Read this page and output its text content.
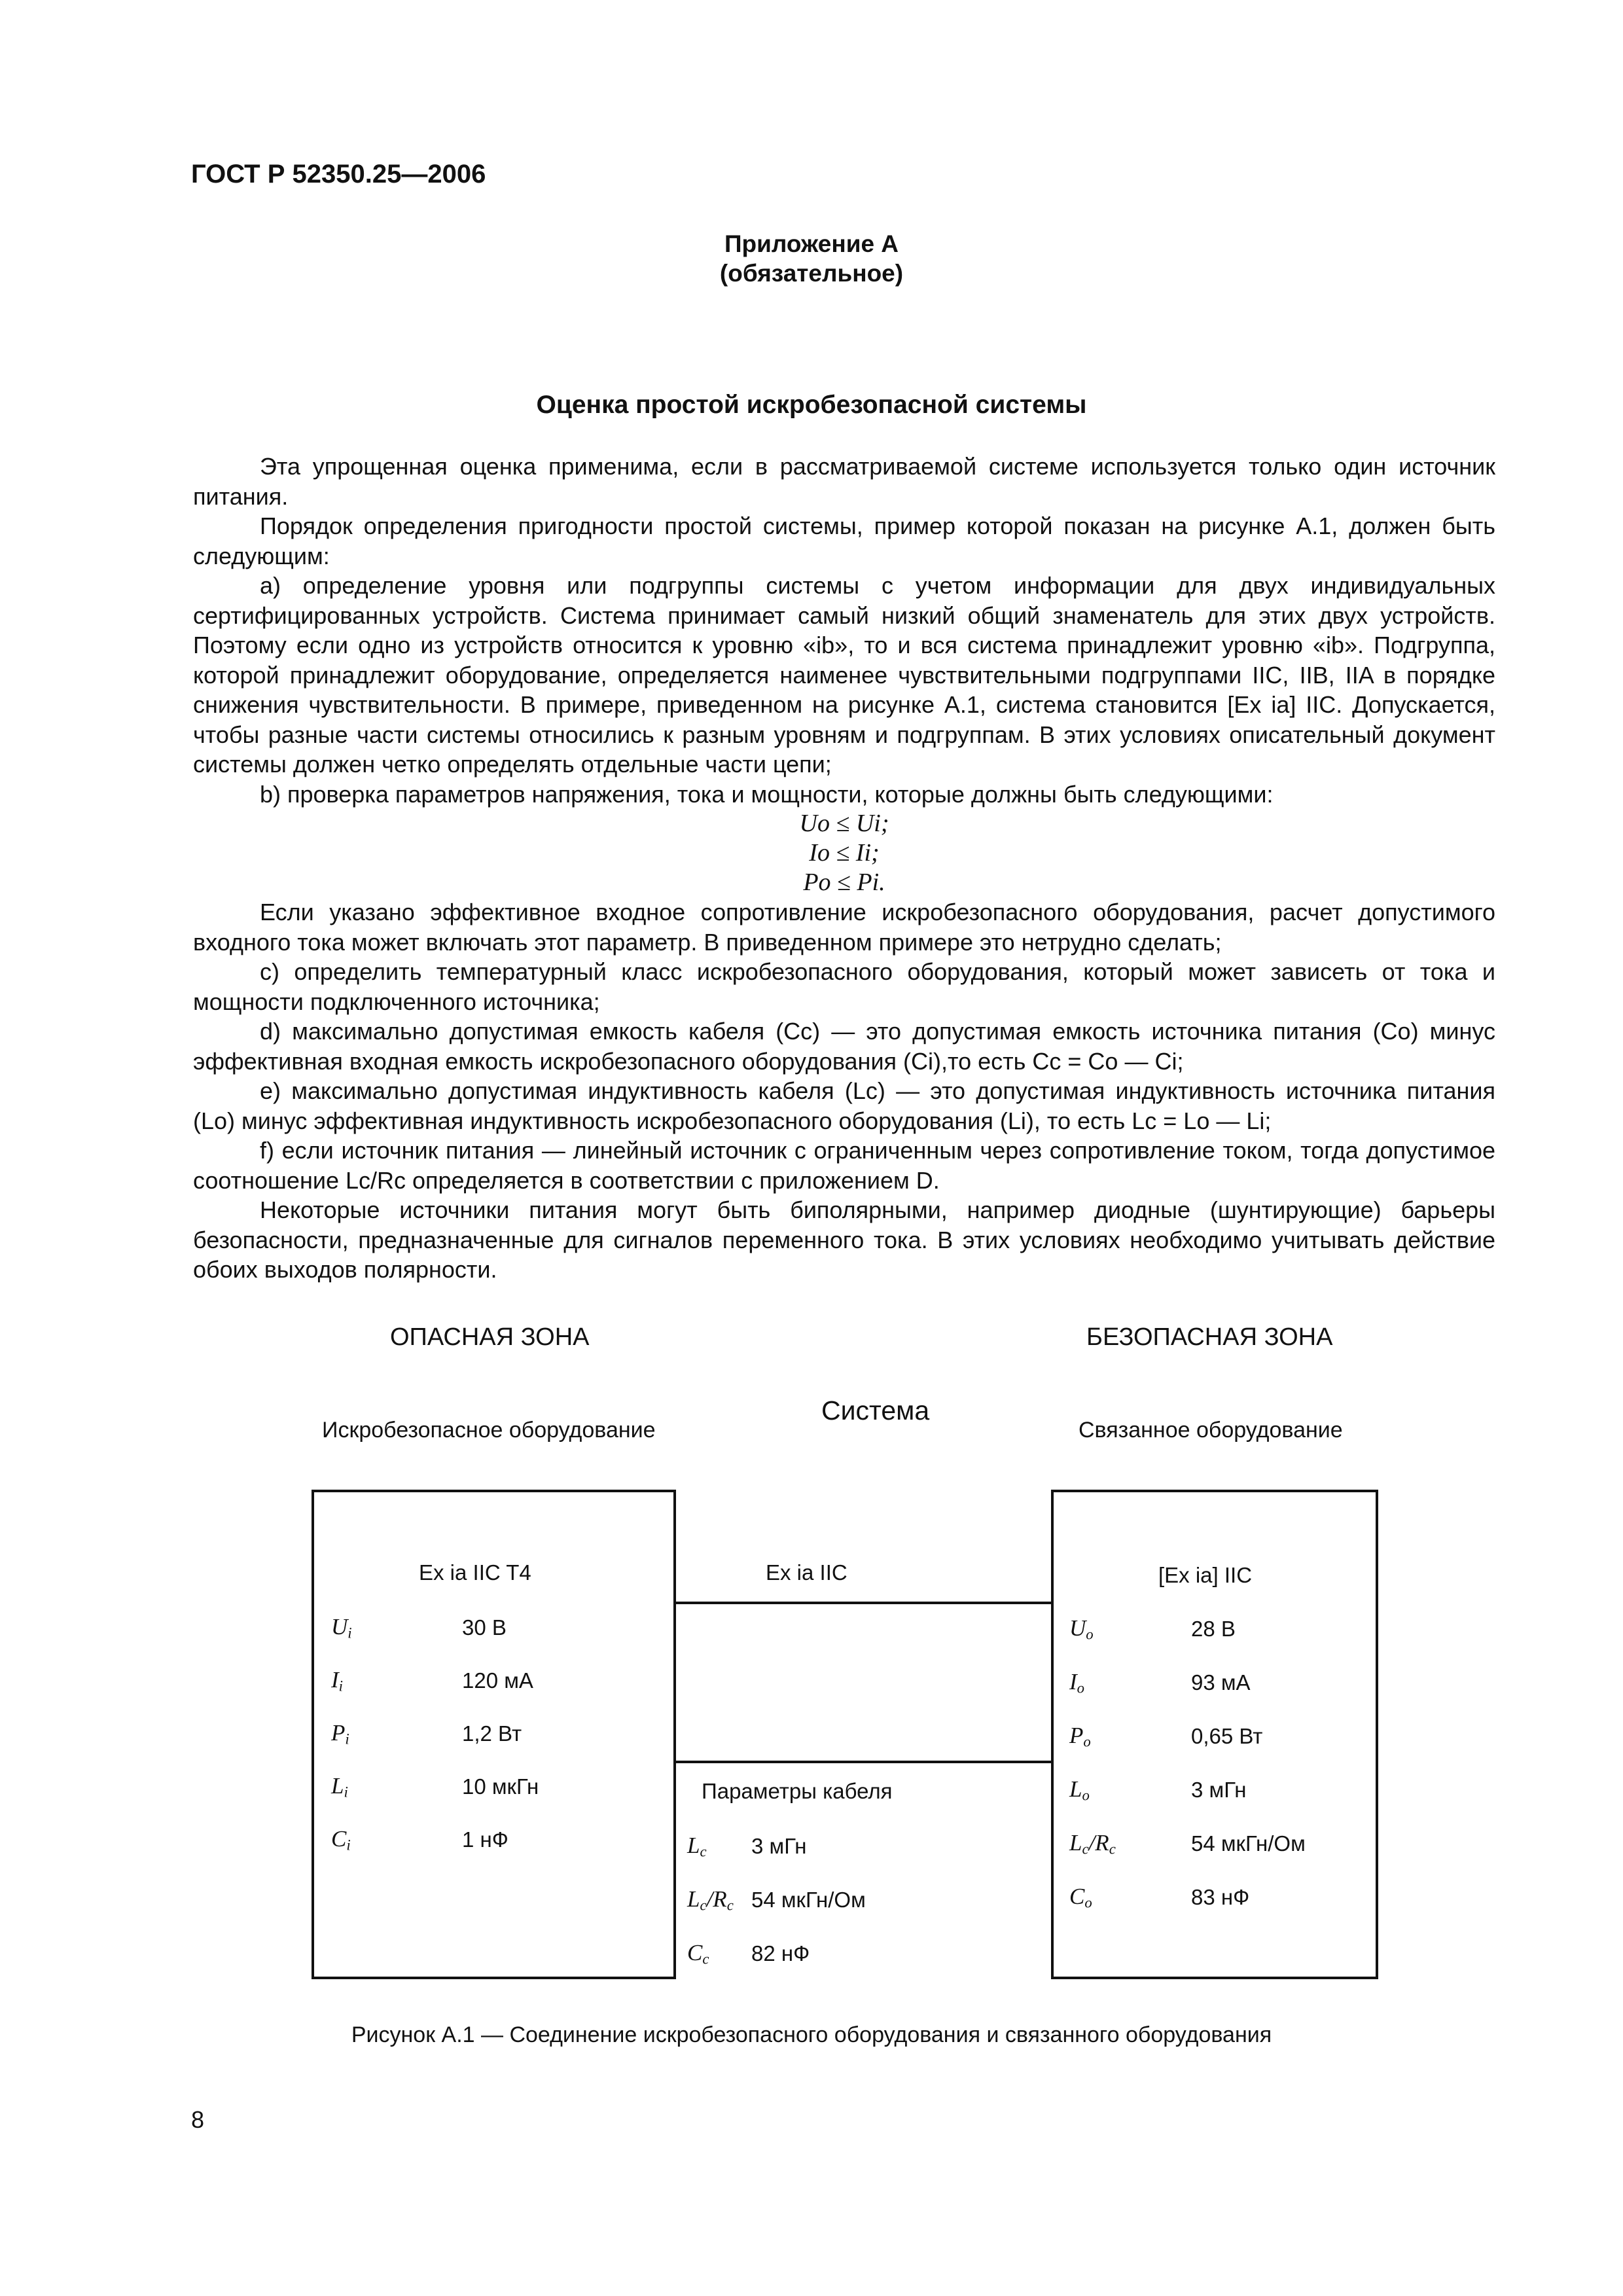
ГОСТ Р 52350.25—2006
Приложение А
(обязательное)
Оценка простой искробезопасной системы

Эта упрощенная оценка применима, если в рассматриваемой системе используется только один источник питания.

Порядок определения пригодности простой системы, пример которой показан на рисунке А.1, должен быть следующим:

a) определение уровня или подгруппы системы с учетом информации для двух индивидуальных сертифицированных устройств. Система принимает самый низкий общий знаменатель для этих двух устройств. Поэтому если одно из устройств относится к уровню «ib», то и вся система принадлежит уровню «ib». Подгруппа, которой принадлежит оборудование, определяется наименее чувствительными подгруппами IIC, IIB, IIA в порядке снижения чувствительности. В примере, приведенном на рисунке А.1, система становится [Ex ia] IIC. Допускается, чтобы разные части системы относились к разным уровням и подгруппам. В этих условиях описательный документ системы должен четко определять отдельные части цепи;

b) проверка параметров напряжения, тока и мощности, которые должны быть следующими:

Uo ≤ Ui;

Io ≤ Ii;

Po ≤ Pi.

Если указано эффективное входное сопротивление искробезопасного оборудования, расчет допустимого входного тока может включать этот параметр. В приведенном примере это нетрудно сделать;

c) определить температурный класс искробезопасного оборудования, который может зависеть от тока и мощности подключенного источника;

d) максимально допустимая емкость кабеля (Cc) — это допустимая емкость источника питания (Co) минус эффективная входная емкость искробезопасного оборудования (Ci),то есть Cc = Co — Ci;

e) максимально допустимая индуктивность кабеля (Lc) — это допустимая индуктивность источника питания (Lo) минус эффективная индуктивность искробезопасного оборудования (Li), то есть Lc = Lo — Li;

f) если источник питания — линейный источник с ограниченным через сопротивление током, тогда допустимое соотношение Lc/Rc определяется в соответствии с приложением D.

Некоторые источники питания могут быть биполярными, например диодные (шунтирующие) барьеры безопасности, предназначенные для сигналов переменного тока. В этих условиях необходимо учитывать действие обоих выходов полярности.

ОПАСНАЯ ЗОНА	БЕЗОПАСНАЯ ЗОНА
Система
Искробезопасное оборудование	Связанное оборудование
Ex ia IIC T4	Ex ia IIC	[Ex ia] IIC
$U_i$	30 В
$I_i$	120 мА
$P_i$	1,2 Вт
$L_i$	10 мкГн
$C_i$	1 нФ
Параметры кабеля
$L_c$ 3 мГн
$L_c/R_c$ 54 мкГн/Ом
$C_c$ 82 нФ
$U_o$	28 В
$I_o$	93 мА
$P_o$	0,65 Вт
$L_o$	3 мГн
$L_c/R_c$	54 мкГн/Ом
$C_o$	83 нФ
Рисунок А.1 — Соединение искробезопасного оборудования и связанного оборудования
8
